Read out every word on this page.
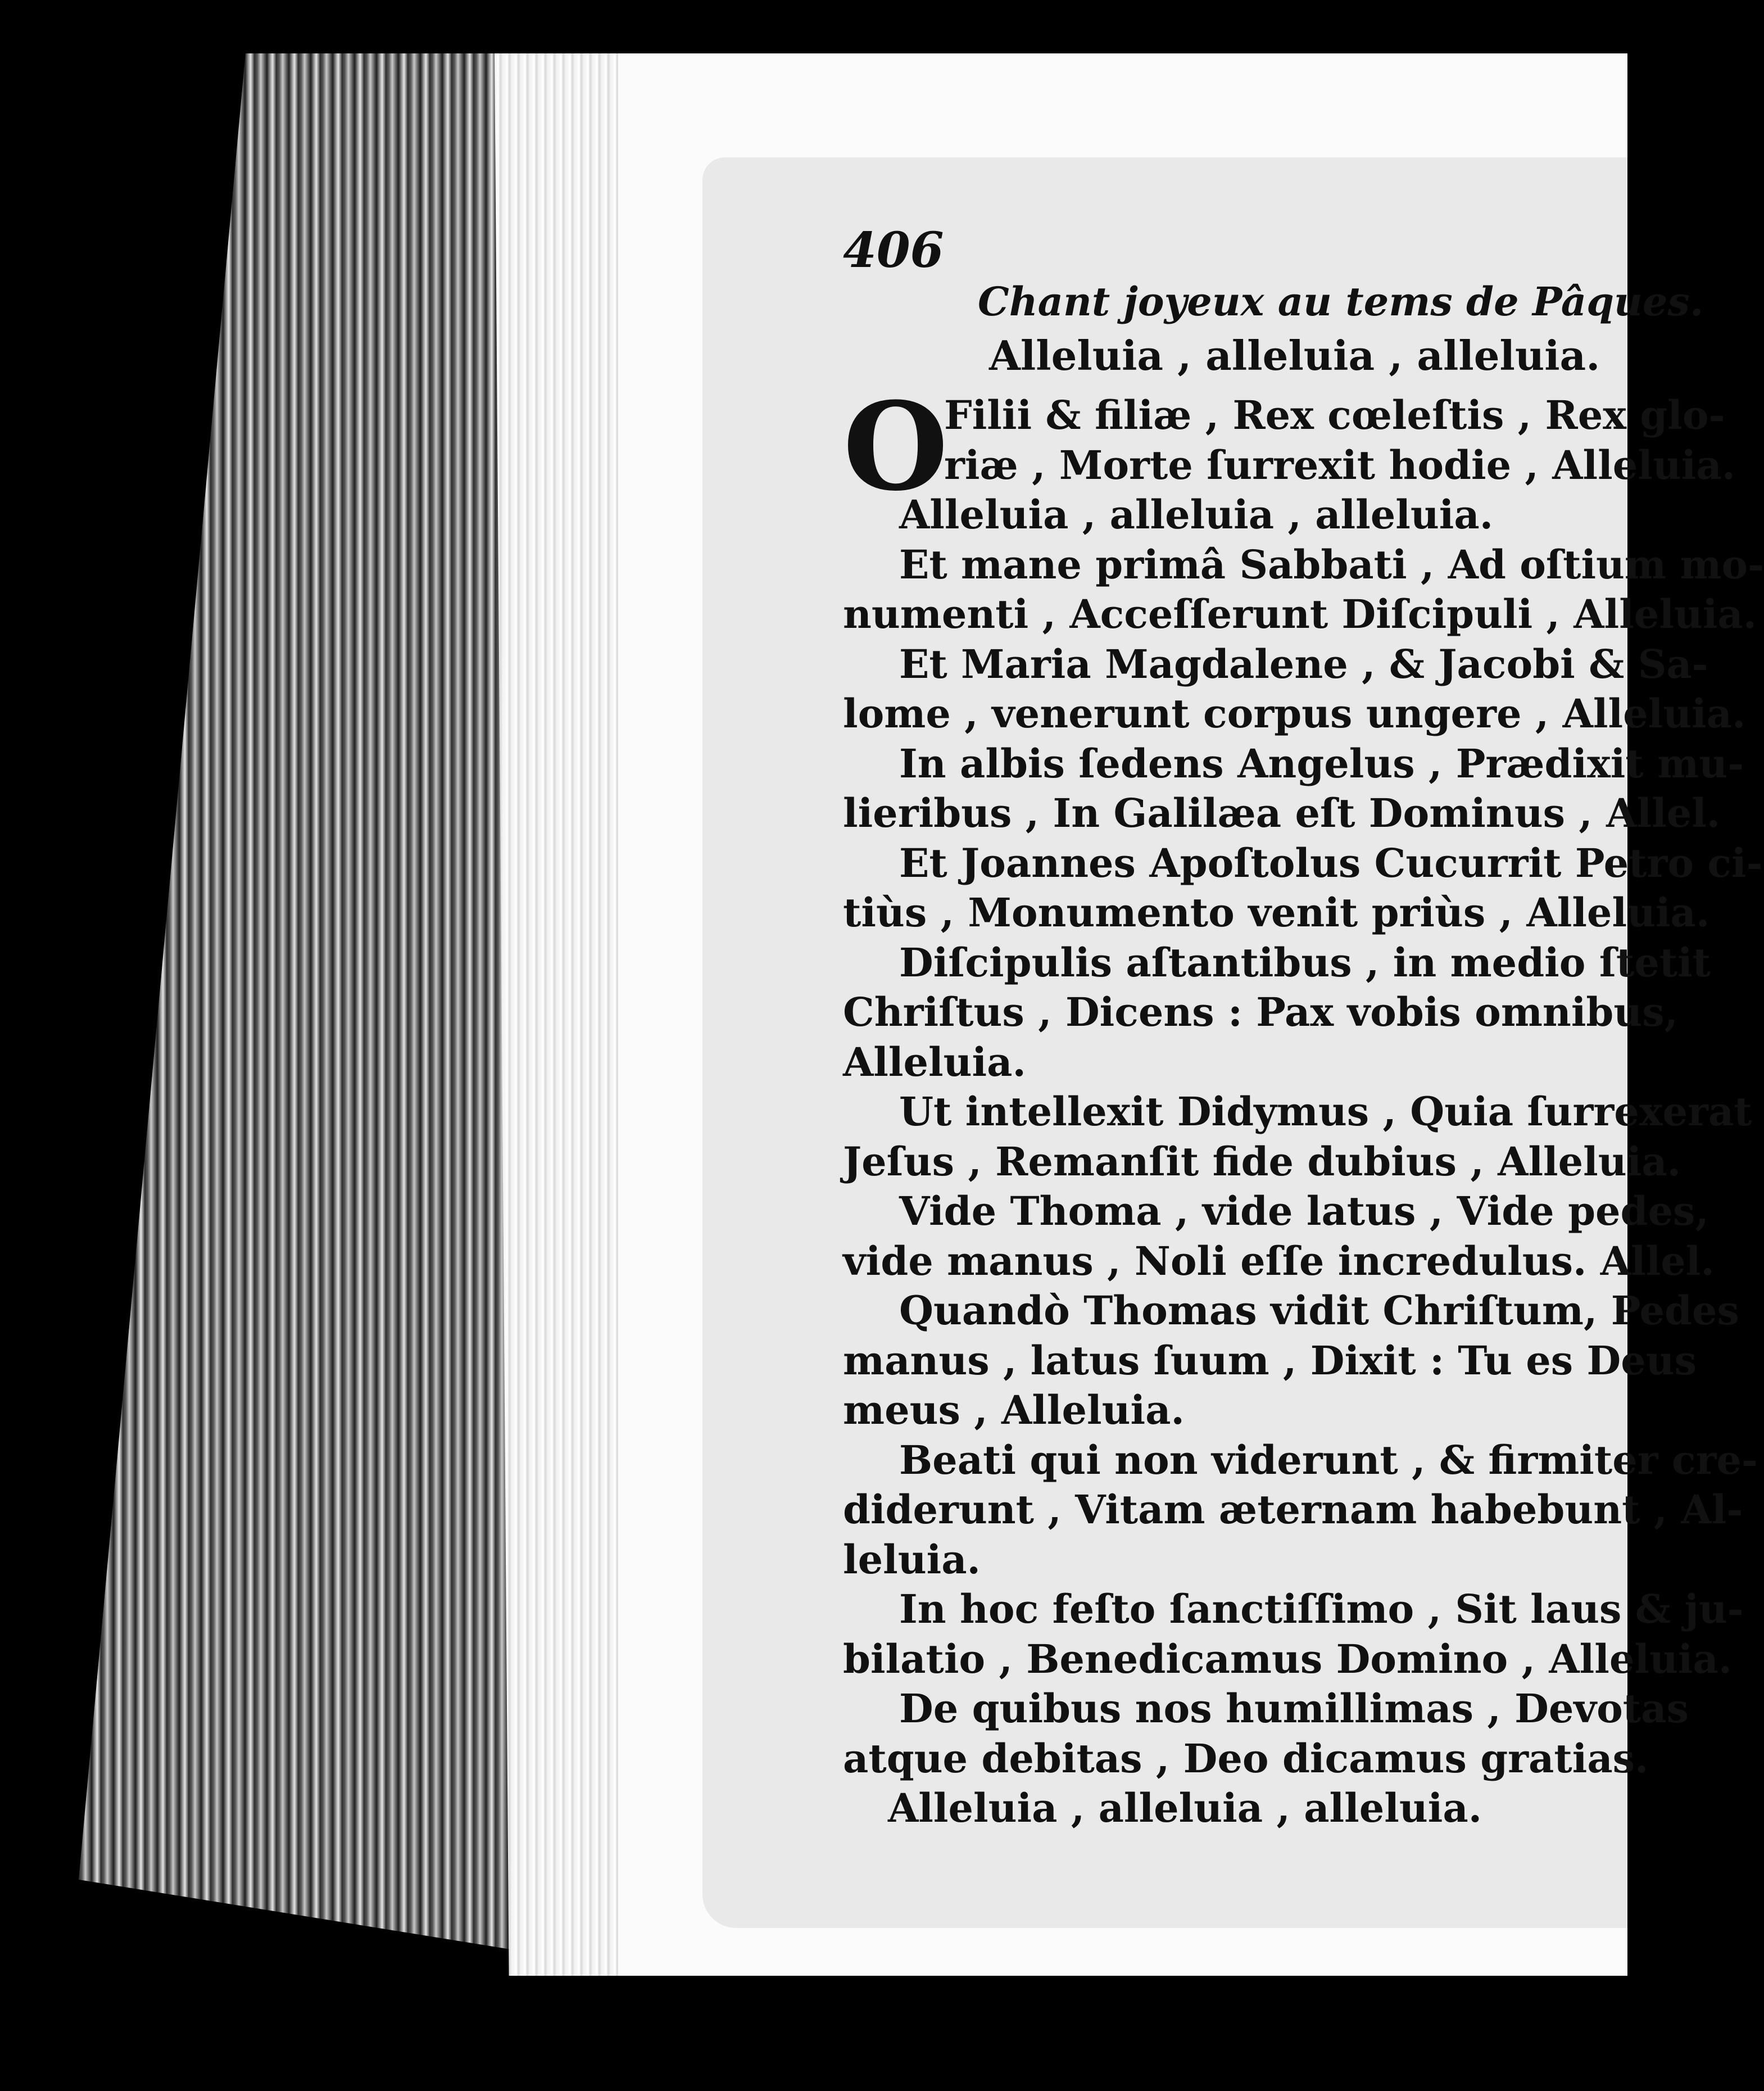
406

Chant joyeux au tems de Pâques.

Alleluia , alleluia , alleluia.

O

Filii & filiæ , Rex cœleſtis , Rex glo-

riæ , Morte ſurrexit hodie , Alleluia.

Alleluia , alleluia , alleluia.

Et mane primâ Sabbati , Ad oſtium mo-

numenti , Acceſſerunt Diſcipuli , Alleluia.

Et Maria Magdalene , & Jacobi & Sa-

lome , venerunt corpus ungere , Alleluia.

In albis ſedens Angelus , Prædixit mu-

lieribus , In Galilæa eſt Dominus , Allel.

Et Joannes Apoſtolus Cucurrit Petro ci-

tiùs , Monumento venit priùs , Alleluia.

Diſcipulis aſtantibus , in medio ſtetit

Chriſtus , Dicens : Pax vobis omnibus,

Alleluia.

Ut intellexit Didymus , Quia ſurrexerat

Jeſus , Remanſit fide dubius , Alleluia.

Vide Thoma , vide latus , Vide pedes,

vide manus , Noli eſſe incredulus. Allel.

Quandò Thomas vidit Chriſtum, Pedes

manus , latus ſuum , Dixit : Tu es Deus

meus , Alleluia.

Beati qui non viderunt , & firmiter cre-

diderunt , Vitam æternam habebunt , Al-

leluia.

In hoc feſto ſanctiſſimo , Sit laus & ju-

bilatio , Benedicamus Domino , Alleluia.

De quibus nos humillimas , Devotas

atque debitas , Deo dicamus gratias.

Alleluia , alleluia , alleluia.
